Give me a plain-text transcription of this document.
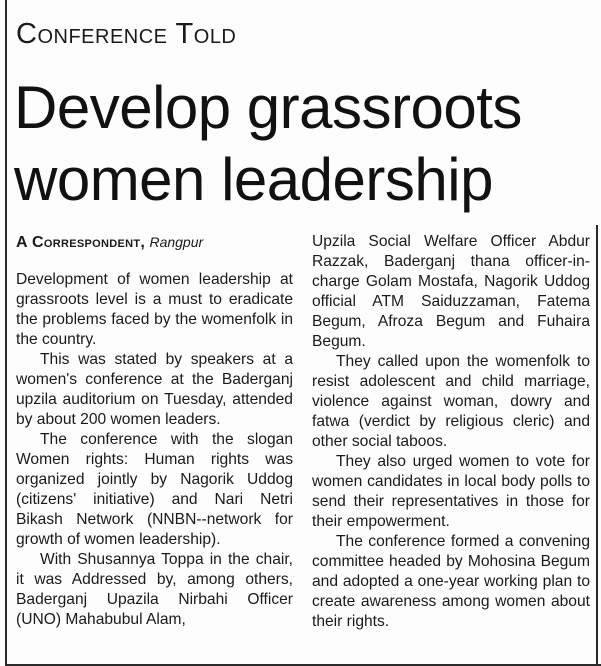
Conference Told
Develop grassroots
women leadership

A Correspondent, Rangpur

Development of women leadership at grassroots level is a must to eradicate the problems faced by the womenfolk in the country.

This was stated by speakers at a women's conference at the Baderganj upzila auditorium on Tuesday, attended by about 200 women leaders.

The conference with the slogan Women rights: Human rights was organized jointly by Nagorik Uddog (citizens' initiative) and Nari Netri Bikash Network (NNBN--network for growth of women leadership).

With Shusannya Toppa in the chair, it was Addressed by, among others, Baderganj Upazila Nirbahi Officer (UNO) Mahabubul Alam,

Upzila Social Welfare Officer Abdur Razzak, Baderganj thana officer-in-charge Golam Mostafa, Nagorik Uddog official ATM Saiduzzaman, Fatema Begum, Afroza Begum and Fuhaira Begum.

They called upon the womenfolk to resist adolescent and child marriage, violence against woman, dowry and fatwa (verdict by religious cleric) and other social taboos.

They also urged women to vote for women candidates in local body polls to send their representatives in those for their empowerment.

The conference formed a convening committee headed by Mohosina Begum and adopted a one-year working plan to create awareness among women about their rights.
